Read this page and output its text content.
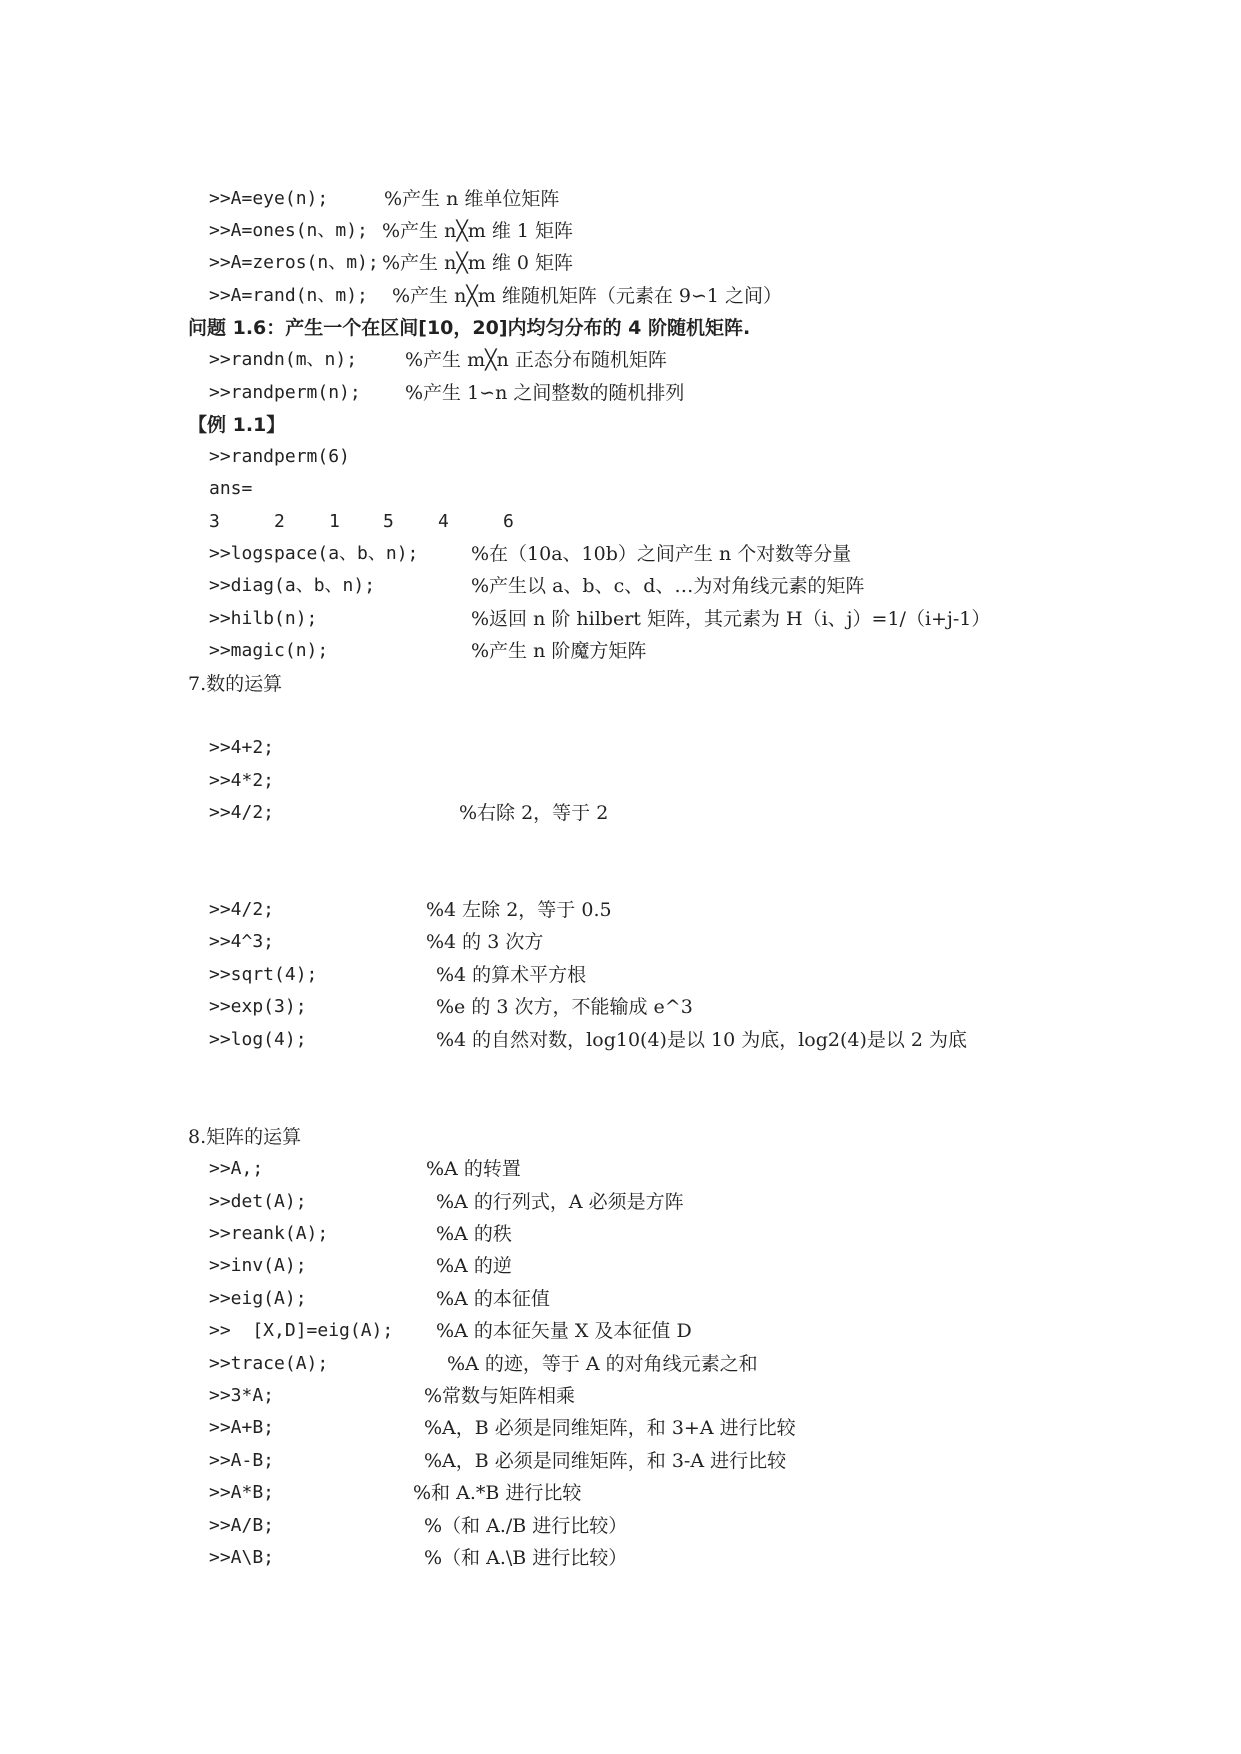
>>A=eye(n);	%产生 n 维单位矩阵
>>A=ones(n、m); %产生 n╳m 维 1 矩阵
>>A=zeros(n、m); %产生 n╳m 维 0 矩阵
>>A=rand(n、m); %产生 n╳m 维随机矩阵（元素在 9∽1 之间）
问题 1.6：产生一个在区间[10，20]内均匀分布的 4 阶随机矩阵.
>>randn(m、n);	%产生 m╳n 正态分布随机矩阵
>>randperm(n); %产生 1∽n 之间整数的随机排列
【例 1.1】
>>randperm(6)
ans=
3	2 1 5 4	6
>>logspace(a、b、n);	%在（10a、10b）之间产生 n 个对数等分量
>>diag(a、b、n);	%产生以 a、b、c、d、…为对角线元素的矩阵
>>hilb(n);	%返回 n 阶 hilbert 矩阵，其元素为 H（i、j）=1/（i+j-1）
>>magic(n);	%产生 n 阶魔方矩阵
7.数的运算
>>4+2;
>>4*2;
>>4/2;	%右除 2，等于 2
>>4/2;	%4 左除 2，等于 0.5
>>4^3;	%4 的 3 次方
>>sqrt(4);	%4 的算术平方根
>>exp(3);	%e 的 3 次方，不能输成 e^3
>>log(4);	%4 的自然对数，log10(4)是以 10 为底，log2(4)是以 2 为底
8.矩阵的运算
>>A,;	%A 的转置
>>det(A);	%A 的行列式，A 必须是方阵
>>reank(A);	%A 的秩
>>inv(A);	%A 的逆
>>eig(A);	%A 的本征值
>>  [X,D]=eig(A); %A 的本征矢量 X 及本征值 D
>>trace(A);	%A 的迹，等于 A 的对角线元素之和
>>3*A;	%常数与矩阵相乘
>>A+B;	%A，B 必须是同维矩阵，和 3+A 进行比较
>>A-B;	%A，B 必须是同维矩阵，和 3-A 进行比较
>>A*B;	%和 A.*B 进行比较
>>A/B;	%（和 A./B 进行比较）
>>A\B;	%（和 A.\B 进行比较）
